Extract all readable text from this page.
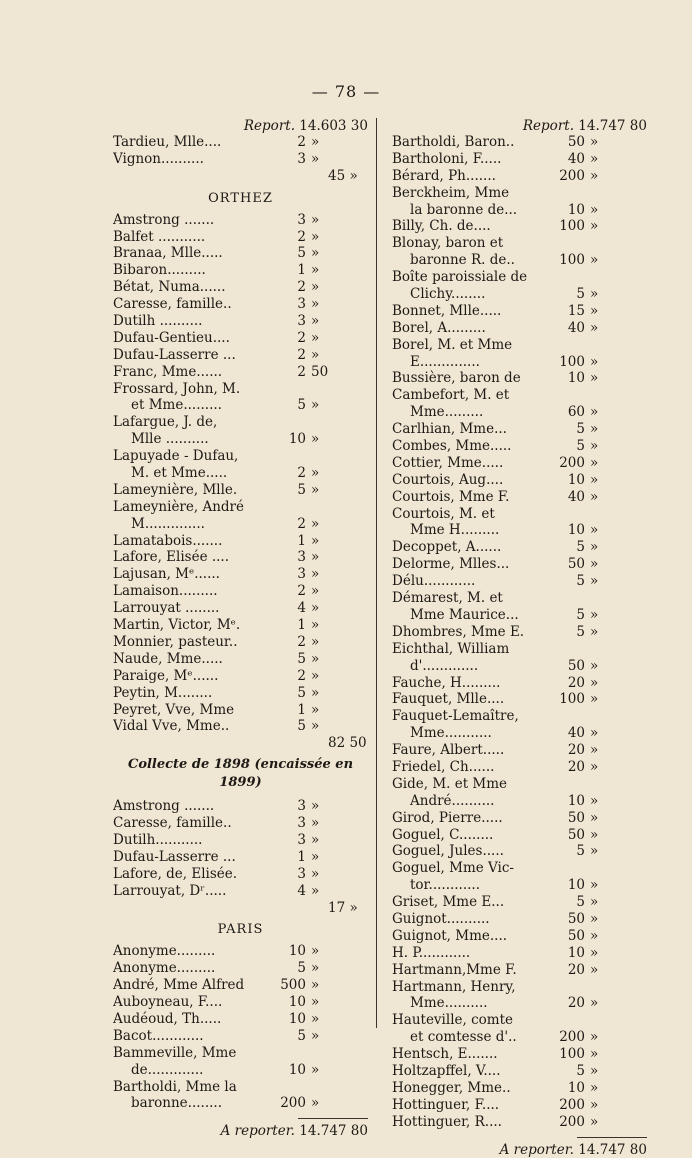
— 78 —
Report. 14.603 30
Tardieu, Mlle....	2 »
Vignon..........	3 »
45 »
ORTHEZ
Amstrong .......	3 »
Balfet ...........	2 »
Branaa, Mlle.....	5 »
Bibaron.........	1 »
Bétat, Numa......	2 »
Caresse, famille..	3 »
Dutilh ..........	3 »
Dufau-Gentieu....	2 »
Dufau-Lasserre ...	2 »
Franc, Mme......	2 50
Frossard, John, M.
et Mme.........	5 »
Lafargue, J. de,
Mlle ..........	10 »
Lapuyade - Dufau,
M. et Mme.....	2 »
Lameynière, Mlle.	5 »
Lameynière, André
M..............	2 »
Lamatabois.......	1 »
Lafore, Elisée ....	3 »
Lajusan, Mᵉ......	3 »
Lamaison.........	2 »
Larrouyat ........	4 »
Martin, Victor, Mᵉ.	1 »
Monnier, pasteur..	2 »
Naude, Mme.....	5 »
Paraige, Mᵉ......	2 »
Peytin, M........	5 »
Peyret, Vve, Mme	1 »
Vidal Vve, Mme..	5 »
82 50
Collecte de 1898 (encaissée en 1899)
Amstrong .......	3 »
Caresse, famille..	3 »
Dutilh...........	3 »
Dufau-Lasserre ...	1 »
Lafore, de, Elisée.	3 »
Larrouyat, Dʳ.....	4 »
17 »
PARIS
Anonyme.........	10 »
Anonyme.........	5 »
André, Mme Alfred	500 »
Auboyneau, F....	10 »
Audéoud, Th.....	10 »
Bacot............	5 »
Bammeville, Mme
de.............	10 »
Bartholdi, Mme la
baronne........	200 »
A reporter. 14.747 80
Report. 14.747 80
Bartholdi, Baron..	50 »
Bartholoni, F.....	40 »
Bérard, Ph.......	200 »
Berckheim, Mme
la baronne de...	10 »
Billy, Ch. de....	100 »
Blonay, baron et
baronne R. de..	100 »
Boîte paroissiale de
Clichy........	5 »
Bonnet, Mlle.....	15 »
Borel, A.........	40 »
Borel, M. et Mme
E..............	100 »
Bussière, baron de	10 »
Cambefort, M. et
Mme.........	60 »
Carlhian, Mme...	5 »
Combes, Mme.....	5 »
Cottier, Mme.....	200 »
Courtois, Aug....	10 »
Courtois, Mme F.	40 »
Courtois, M. et
Mme H.........	10 »
Decoppet, A......	5 »
Delorme, Mlles...	50 »
Délu............	5 »
Démarest, M. et
Mme Maurice...	5 »
Dhombres, Mme E.	5 »
Eichthal, William
d'.............	50 »
Fauche, H.........	20 »
Fauquet, Mlle....	100 »
Fauquet-Lemaître,
Mme...........	40 »
Faure, Albert.....	20 »
Friedel, Ch......	20 »
Gide, M. et Mme
André..........	10 »
Girod, Pierre.....	50 »
Goguel, C........	50 »
Goguel, Jules.....	5 »
Goguel, Mme Vic-
tor............	10 »
Griset, Mme E...	5 »
Guignot..........	50 »
Guignot, Mme....	50 »
H. P............	10 »
Hartmann,Mme F.	20 »
Hartmann, Henry,
Mme..........	20 »
Hauteville, comte
et comtesse d'..	200 »
Hentsch, E.......	100 »
Holtzapffel, V....	5 »
Honegger, Mme..	10 »
Hottinguer, F....	200 »
Hottinguer, R....	200 »
A reporter. 14.747 80
